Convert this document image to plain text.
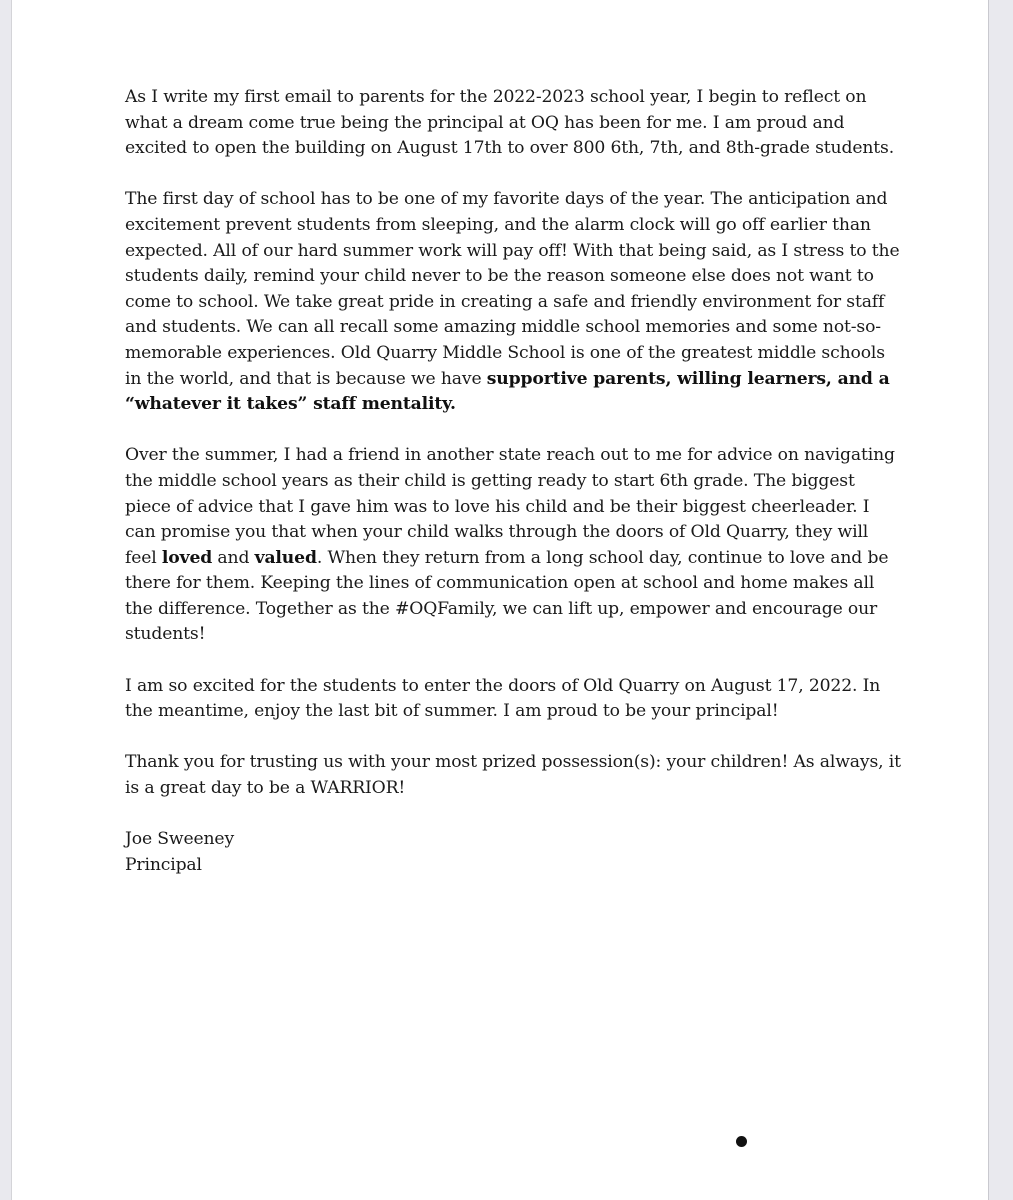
As I write my first email to parents for the 2022-2023 school year, I begin to reflect on what a dream come true being the principal at OQ has been for me. I am proud and excited to open the building on August 17th to over 800 6th, 7th, and 8th-grade students.

The first day of school has to be one of my favorite days of the year. The anticipation and excitement prevent students from sleeping, and the alarm clock will go off earlier than expected. All of our hard summer work will pay off! With that being said, as I stress to the students daily, remind your child never to be the reason someone else does not want to come to school. We take great pride in creating a safe and friendly environment for staff and students. We can all recall some amazing middle school memories and some not-so-memorable experiences. Old Quarry Middle School is one of the greatest middle schools in the world, and that is because we have supportive parents, willing learners, and a “whatever it takes” staff mentality.

Over the summer, I had a friend in another state reach out to me for advice on navigating the middle school years as their child is getting ready to start 6th grade. The biggest piece of advice that I gave him was to love his child and be their biggest cheerleader. I can promise you that when your child walks through the doors of Old Quarry, they will feel loved and valued. When they return from a long school day, continue to love and be there for them. Keeping the lines of communication open at school and home makes all the difference. Together as the #OQFamily, we can lift up, empower and encourage our students!

I am so excited for the students to enter the doors of Old Quarry on August 17, 2022. In the meantime, enjoy the last bit of summer. I am proud to be your principal!

Thank you for trusting us with your most prized possession(s): your children! As always, it is a great day to be a WARRIOR!

Joe Sweeney
Principal
